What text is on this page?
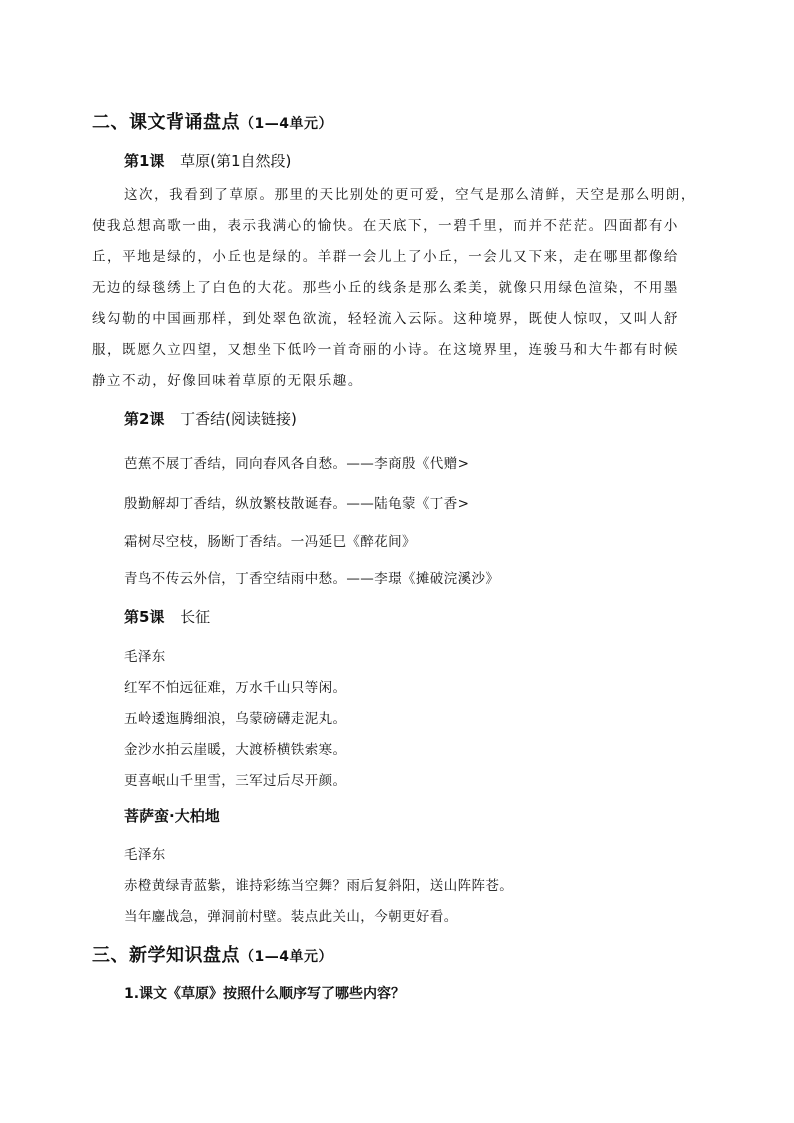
二、课文背诵盘点（1—4单元）
第1课 草原(第1自然段)
这次，我看到了草原。那里的天比别处的更可爱，空气是那么清鲜，天空是那么明朗，
使我总想高歌一曲，表示我满心的愉快。在天底下，一碧千里，而并不茫茫。四面都有小
丘，平地是绿的，小丘也是绿的。羊群一会儿上了小丘，一会儿又下来，走在哪里都像给
无边的绿毯绣上了白色的大花。那些小丘的线条是那么柔美，就像只用绿色渲染，不用墨
线勾勒的中国画那样，到处翠色欲流，轻轻流入云际。这种境界，既使人惊叹，又叫人舒
服，既愿久立四望，又想坐下低吟一首奇丽的小诗。在这境界里，连骏马和大牛都有时候
静立不动，好像回味着草原的无限乐趣。
第2课 丁香结(阅读链接)
芭蕉不展丁香结，同向春风各自愁。——李商殷《代赠>
殷勤解却丁香结，纵放繁枝散诞春。——陆龟蒙《丁香>
霜树尽空枝，肠断丁香结。一冯延巳《醉花间》
青鸟不传云外信，丁香空结雨中愁。——李璟《摊破浣溪沙》
第5课 长征
毛泽东
红军不怕远征难，万水千山只等闲。
五岭逶迤腾细浪，乌蒙磅礴走泥丸。
金沙水拍云崖暖，大渡桥横铁索寒。
更喜岷山千里雪，三军过后尽开颜。
菩萨蛮·大柏地
毛泽东
赤橙黄绿青蓝紫，谁持彩练当空舞？雨后复斜阳，送山阵阵苍。
当年鏖战急，弹洞前村壁。装点此关山，今朝更好看。
三、新学知识盘点（1—4单元）
1.课文《草原》按照什么顺序写了哪些内容？
